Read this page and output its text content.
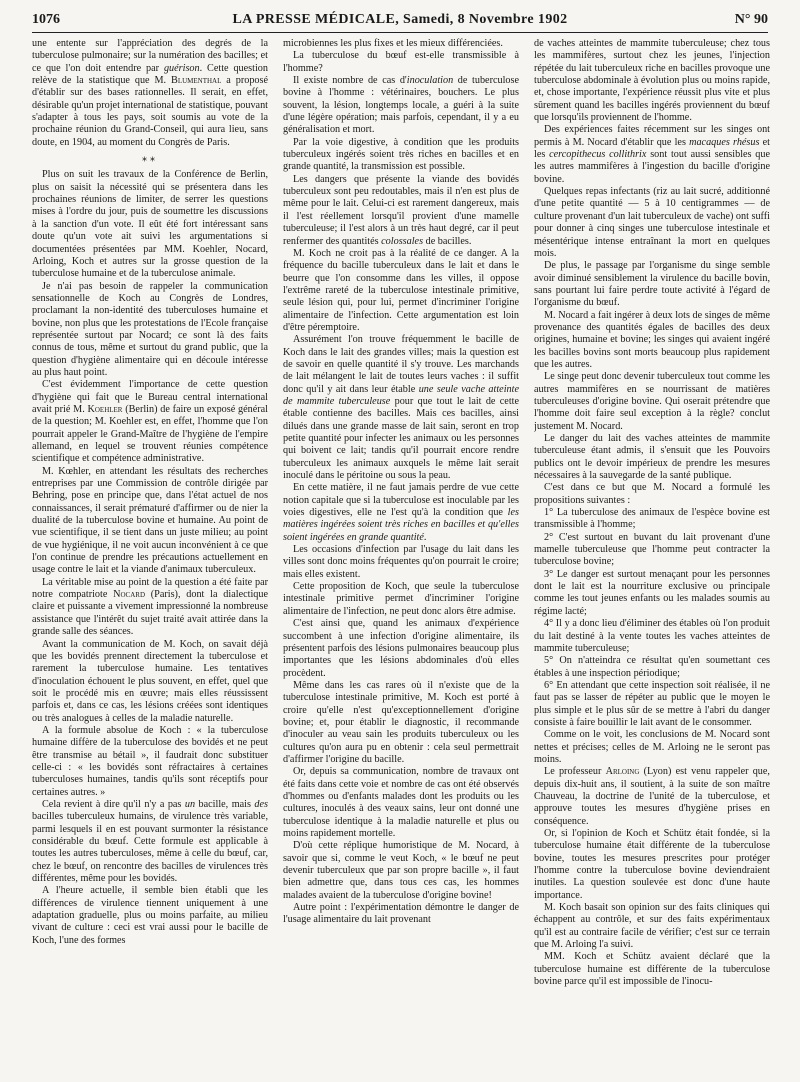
1076	LA PRESSE MÉDICALE, Samedi, 8 Novembre 1902	N° 90

une entente sur l'appréciation des degrés de la tuberculose pulmonaire; sur la numération des bacilles; et ce que l'on doit entendre par guérison. Cette question relève de la statistique que M. Blumenthal a proposé d'établir sur des bases rationnelles. Il serait, en effet, désirable qu'un projet international de statistique, pouvant s'adapter à tous les pays, soit soumis au vote de la prochaine réunion du Grand-Conseil, qui aura lieu, sans doute, en 1904, au moment du Congrès de Paris.

⁎⁎

Plus on suit les travaux de la Conférence de Berlin, plus on saisit la nécessité qui se présentera dans les prochaines réunions de limiter, de serrer les questions mises à l'ordre du jour, puis de soumettre les discussions à la sanction d'un vote. Il eût été fort intéressant sans doute qu'un vote ait suivi les argumentations si documentées présentées par MM. Koehler, Nocard, Arloing, Koch et autres sur la grosse question de la tuberculose humaine et de la tuberculose animale.

Je n'ai pas besoin de rappeler la communication sensationnelle de Koch au Congrès de Londres, proclamant la non-identité des tuberculoses humaine et bovine, non plus que les protestations de l'Ecole française représentée surtout par Nocard; ce sont là des faits connus de tous, même et surtout du grand public, que la question d'hygiène alimentaire qui en découle intéresse au plus haut point.

C'est évidemment l'importance de cette question d'hygiène qui fait que le Bureau central international avait prié M. Koehler (Berlin) de faire un exposé général de la question; M. Koehler est, en effet, l'homme que l'on pourrait appeler le Grand-Maître de l'hygiène de l'empire allemand, en lequel se trouvent réunies compétence scientifique et compétence administrative.

M. Kœhler, en attendant les résultats des recherches entreprises par une Commission de contrôle dirigée par Behring, pose en principe que, dans l'état actuel de nos connaissances, il serait prématuré d'affirmer ou de nier la dualité de la tuberculose bovine et humaine. Au point de vue scientifique, il se tient dans un juste milieu; au point de vue hygiénique, il ne voit aucun inconvénient à ce que l'on continue de prendre les précautions actuellement en usage contre le lait et la viande d'animaux tuberculeux.

La véritable mise au point de la question a été faite par notre compatriote Nocard (Paris), dont la dialectique claire et puissante a vivement impressionné la nombreuse assistance que l'intérêt du sujet traité avait attirée dans la grande salle des séances.

Avant la communication de M. Koch, on savait déjà que les bovidés prennent directement la tuberculose et rarement la tuberculose humaine. Les tentatives d'inoculation échouent le plus souvent, en effet, quel que soit le procédé mis en œuvre; mais elles réussissent parfois et, dans ce cas, les lésions créées sont identiques ou très analogues à celles de la maladie naturelle.

A la formule absolue de Koch : « la tuberculose humaine diffère de la tuberculose des bovidés et ne peut être transmise au bétail », il faudrait donc substituer celle-ci : « les bovidés sont réfractaires à certaines tuberculoses humaines, tandis qu'ils sont réceptifs pour certaines autres. »

Cela revient à dire qu'il n'y a pas un bacille, mais des bacilles tuberculeux humains, de virulence très variable, parmi lesquels il en est pouvant surmonter la résistance considérable du bœuf. Cette formule est applicable à toutes les autres tuberculoses, même à celle du bœuf, car, chez le bœuf, on rencontre des bacilles de virulences très différentes, même pour les bovidés.

A l'heure actuelle, il semble bien établi que les différences de virulence tiennent uniquement à une adaptation graduelle, plus ou moins parfaite, au milieu vivant de culture : ceci est vrai aussi pour le bacille de Koch, l'une des formes

microbiennes les plus fixes et les mieux différenciées.

La tuberculose du bœuf est-elle transmissible à l'homme?

Il existe nombre de cas d'inoculation de tuberculose bovine à l'homme : vétérinaires, bouchers. Le plus souvent, la lésion, longtemps locale, a guéri à la suite d'une légère opération; mais parfois, cependant, il y a eu généralisation et mort.

Par la voie digestive, à condition que les produits tuberculeux ingérés soient très riches en bacilles et en grande quantité, la transmission est possible.

Les dangers que présente la viande des bovidés tuberculeux sont peu redoutables, mais il n'en est plus de même pour le lait. Celui-ci est rarement dangereux, mais il l'est réellement lorsqu'il provient d'une mamelle tuberculeuse; il l'est alors à un très haut degré, car il peut renfermer des quantités colossales de bacilles.

M. Koch ne croit pas à la réalité de ce danger. A la fréquence du bacille tuberculeux dans le lait et dans le beurre que l'on consomme dans les villes, il oppose l'extrême rareté de la tuberculose intestinale primitive, seule lésion qui, pour lui, permet d'incriminer l'origine alimentaire de l'infection. Cette argumentation est loin d'être péremptoire.

Assurément l'on trouve fréquemment le bacille de Koch dans le lait des grandes villes; mais la question est de savoir en quelle quantité il s'y trouve. Les marchands de lait mélangent le lait de toutes leurs vaches : il suffit donc qu'il y ait dans leur étable une seule vache atteinte de mammite tuberculeuse pour que tout le lait de cette étable contienne des bacilles. Mais ces bacilles, ainsi dilués dans une grande masse de lait sain, seront en trop petite quantité pour infecter les animaux ou les personnes qui boivent ce lait; tandis qu'il pourrait encore rendre tuberculeux les animaux auxquels le même lait serait inoculé dans le péritoine ou sous la peau.

En cette matière, il ne faut jamais perdre de vue cette notion capitale que si la tuberculose est inoculable par les voies digestives, elle ne l'est qu'à la condition que les matières ingérées soient très riches en bacilles et qu'elles soient ingérées en grande quantité.

Les occasions d'infection par l'usage du lait dans les villes sont donc moins fréquentes qu'on pourrait le croire; mais elles existent.

Cette proposition de Koch, que seule la tuberculose intestinale primitive permet d'incriminer l'origine alimentaire de l'infection, ne peut donc alors être admise.

C'est ainsi que, quand les animaux d'expérience succombent à une infection d'origine alimentaire, ils présentent parfois des lésions pulmonaires beaucoup plus importantes que les lésions abdominales d'où elles procèdent.

Même dans les cas rares où il n'existe que de la tuberculose intestinale primitive, M. Koch est porté à croire qu'elle n'est qu'exceptionnellement d'origine bovine; et, pour établir le diagnostic, il recommande d'inoculer au veau sain les produits tuberculeux ou les cultures qu'on aura pu en obtenir : cela seul permettrait d'affirmer l'origine du bacille.

Or, depuis sa communication, nombre de travaux ont été faits dans cette voie et nombre de cas ont été observés d'hommes ou d'enfants malades dont les produits ou les cultures, inoculés à des veaux sains, leur ont donné une tuberculose identique à la maladie naturelle et plus ou moins rapidement mortelle.

D'où cette réplique humoristique de M. Nocard, à savoir que si, comme le veut Koch, « le bœuf ne peut devenir tuberculeux que par son propre bacille », il faut bien admettre que, dans tous ces cas, les hommes malades avaient de la tuberculose d'origine bovine!

Autre point : l'expérimentation démontre le danger de l'usage alimentaire du lait provenant

de vaches atteintes de mammite tuberculeuse; chez tous les mammifères, surtout chez les jeunes, l'injection répétée du lait tuberculeux riche en bacilles provoque une tuberculose abdominale à évolution plus ou moins rapide, et, chose importante, l'expérience réussit plus vite et plus sûrement quand les bacilles ingérés proviennent du bœuf que lorsqu'ils proviennent de l'homme.

Des expériences faites récemment sur les singes ont permis à M. Nocard d'établir que les macaques rhésus et les cercopithecus collithrix sont tout aussi sensibles que les autres mammifères à l'ingestion du bacille d'origine bovine.

Quelques repas infectants (riz au lait sucré, additionné d'une petite quantité — 5 à 10 centigrammes — de culture provenant d'un lait tuberculeux de vache) ont suffi pour donner à cinq singes une tuberculose intestinale et mésentérique intense entraînant la mort en quelques mois.

De plus, le passage par l'organisme du singe semble avoir diminué sensiblement la virulence du bacille bovin, sans pourtant lui faire perdre toute activité à l'égard de l'organisme du bœuf.

M. Nocard a fait ingérer à deux lots de singes de même provenance des quantités égales de bacilles des deux origines, humaine et bovine; les singes qui avaient ingéré les bacilles bovins sont morts beaucoup plus rapidement que les autres.

Le singe peut donc devenir tuberculeux tout comme les autres mammifères en se nourrissant de matières tuberculeuses d'origine bovine. Qui oserait prétendre que l'homme doit faire seul exception à la règle? conclut justement M. Nocard.

Le danger du lait des vaches atteintes de mammite tuberculeuse étant admis, il s'ensuit que les Pouvoirs publics ont le devoir impérieux de prendre les mesures nécessaires à la sauvegarde de la santé publique.

C'est dans ce but que M. Nocard a formulé les propositions suivantes :

1° La tuberculose des animaux de l'espèce bovine est transmissible à l'homme;

2° C'est surtout en buvant du lait provenant d'une mamelle tuberculeuse que l'homme peut contracter la tuberculose bovine;

3° Le danger est surtout menaçant pour les personnes dont le lait est la nourriture exclusive ou principale comme les tout jeunes enfants ou les malades soumis au régime lacté;

4° Il y a donc lieu d'éliminer des étables où l'on produit du lait destiné à la vente toutes les vaches atteintes de mammite tuberculeuse;

5° On n'atteindra ce résultat qu'en soumettant ces étables à une inspection périodique;

6° En attendant que cette inspection soit réalisée, il ne faut pas se lasser de répéter au public que le moyen le plus simple et le plus sûr de se mettre à l'abri du danger consiste à faire bouillir le lait avant de le consommer.

Comme on le voit, les conclusions de M. Nocard sont nettes et précises; celles de M. Arloing ne le seront pas moins.

Le professeur Arloing (Lyon) est venu rappeler que, depuis dix-huit ans, il soutient, à la suite de son maître Chauveau, la doctrine de l'unité de la tuberculose, et approuve toutes les mesures d'hygiène prises en conséquence.

Or, si l'opinion de Koch et Schütz était fondée, si la tuberculose humaine était différente de la tuberculose bovine, toutes les mesures prescrites pour protéger l'homme contre la tuberculose bovine deviendraient inutiles. La question soulevée est donc d'une haute importance.

M. Koch basait son opinion sur des faits cliniques qui échappent au contrôle, et sur des faits expérimentaux qu'il est au contraire facile de vérifier; c'est sur ce terrain que M. Arloing l'a suivi.

MM. Koch et Schütz avaient déclaré que la tuberculose humaine est différente de la tuberculose bovine parce qu'il est impossible de l'inocu-
